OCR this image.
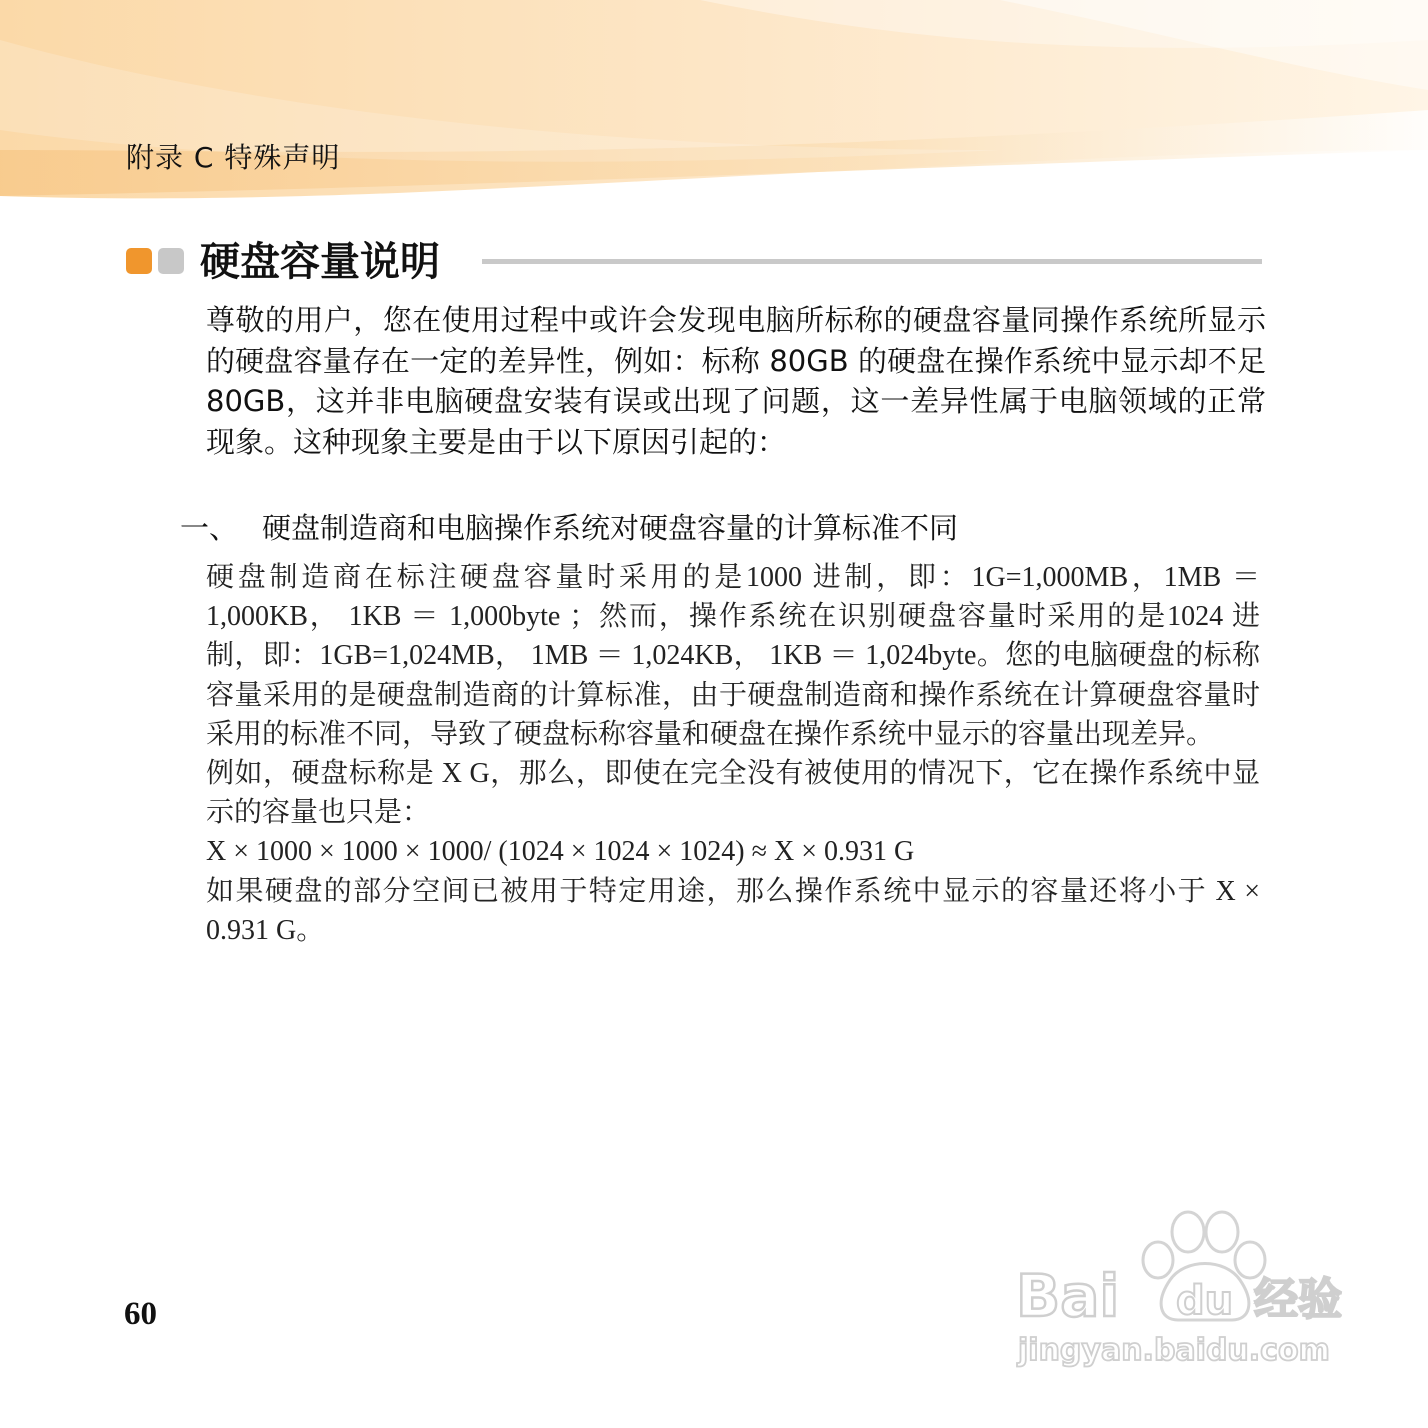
附录 C 特殊声明
硬盘容量说明
尊敬的用户，您在使用过程中或许会发现电脑所标称的硬盘容量同操作系统所显示的硬盘容量存在一定的差异性，例如：标称 80GB 的硬盘在操作系统中显示却不足 80GB，这并非电脑硬盘安装有误或出现了问题，这一差异性属于电脑领域的正常现象。这种现象主要是由于以下原因引起的：
一、 硬盘制造商和电脑操作系统对硬盘容量的计算标准不同

硬盘制造商在标注硬盘容量时采用的是1000 进制，即：1G=1,000MB，1MB ＝ 1,000KB， 1KB ＝ 1,000byte ；然而，操作系统在识别硬盘容量时采用的是1024 进制，即：1GB=1,024MB， 1MB ＝ 1,024KB， 1KB ＝ 1,024byte。您的电脑硬盘的标称容量采用的是硬盘制造商的计算标准，由于硬盘制造商和操作系统在计算硬盘容量时采用的标准不同，导致了硬盘标称容量和硬盘在操作系统中显示的容量出现差异。

例如，硬盘标称是 X G，那么，即使在完全没有被使用的情况下，它在操作系统中显示的容量也只是：

X × 1000 × 1000 × 1000/ (1024 × 1024 × 1024) ≈ X × 0.931 G

如果硬盘的部分空间已被用于特定用途，那么操作系统中显示的容量还将小于 X × 0.931 G。

60	Bai du 经验
jingyan.baidu.com
